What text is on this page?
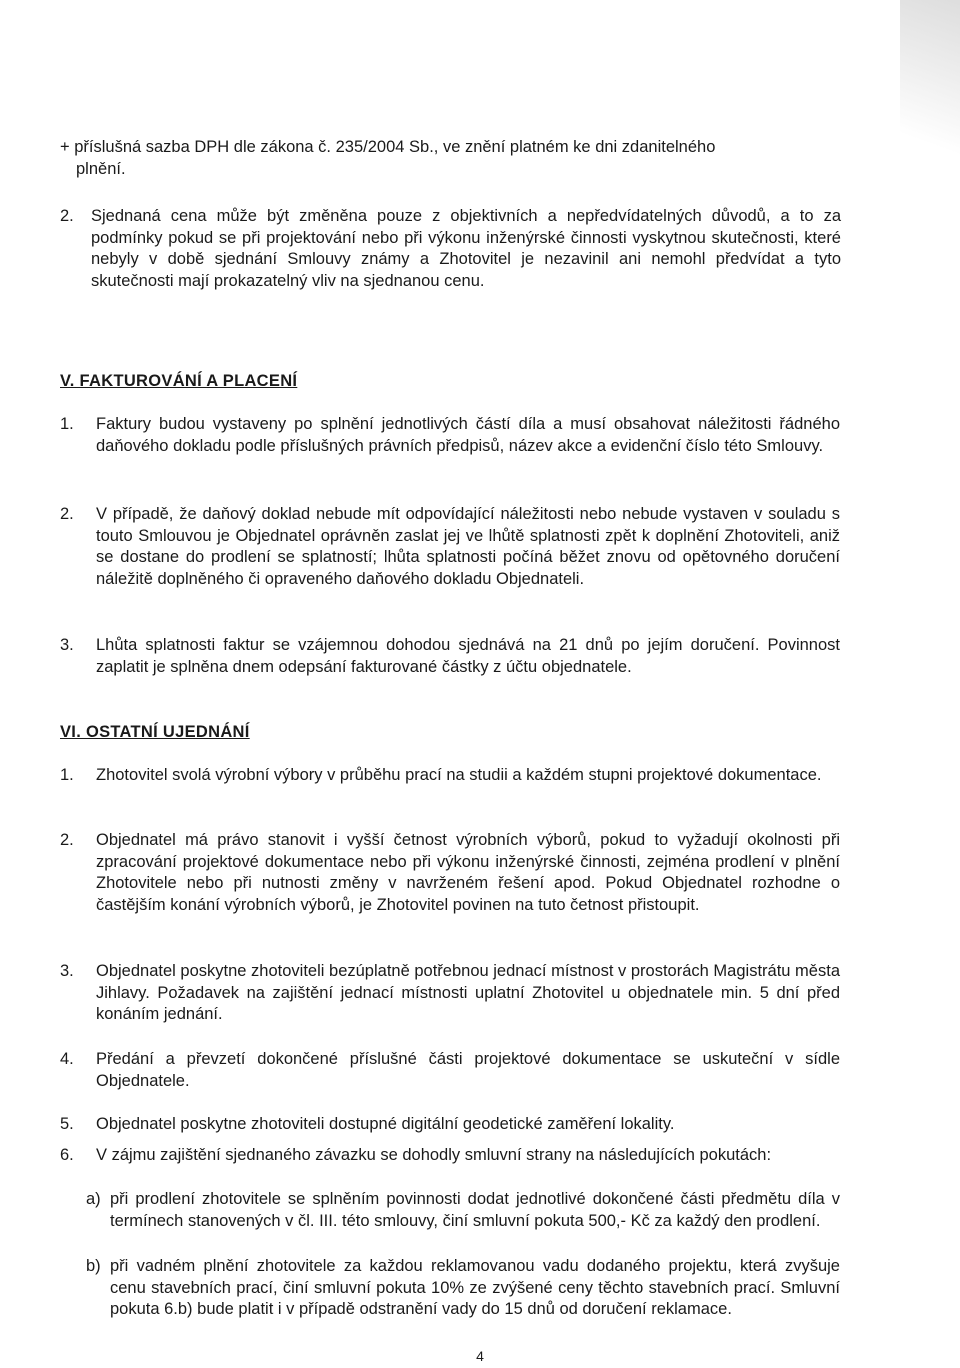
+ příslušná sazba DPH dle zákona č. 235/2004 Sb., ve znění platném ke dni zdanitelného
plnění.
2. Sjednaná cena může být změněna pouze z objektivních a nepředvídatelných důvodů, a to za podmínky pokud se při projektování nebo při výkonu inženýrské činnosti vyskytnou skutečnosti, které nebyly v době sjednání Smlouvy známy a Zhotovitel je nezavinil ani nemohl předvídat a tyto skutečnosti mají prokazatelný vliv na sjednanou cenu.
V. FAKTUROVÁNÍ A PLACENÍ
1. Faktury budou vystaveny po splnění jednotlivých částí díla a musí obsahovat náležitosti řádného daňového dokladu podle příslušných právních předpisů, název akce a evidenční číslo této Smlouvy.
2. V případě, že daňový doklad nebude mít odpovídající náležitosti nebo nebude vystaven v souladu s touto Smlouvou je Objednatel oprávněn zaslat jej ve lhůtě splatnosti zpět k doplnění Zhotoviteli, aniž se dostane do prodlení se splatností; lhůta splatnosti počíná běžet znovu od opětovného doručení náležitě doplněného či opraveného daňového dokladu Objednateli.
3. Lhůta splatnosti faktur se vzájemnou dohodou sjednává na 21 dnů po jejím doručení. Povinnost zaplatit je splněna dnem odepsání fakturované částky z účtu objednatele.
VI. OSTATNÍ UJEDNÁNÍ
1. Zhotovitel svolá výrobní výbory v průběhu prací na studii a každém stupni projektové dokumentace.
2. Objednatel má právo stanovit i vyšší četnost výrobních výborů, pokud to vyžadují okolnosti při zpracování projektové dokumentace nebo při výkonu inženýrské činnosti, zejména prodlení v plnění Zhotovitele nebo při nutnosti změny v navrženém řešení apod. Pokud Objednatel rozhodne o častějším konání výrobních výborů, je Zhotovitel povinen na tuto četnost přistoupit.
3. Objednatel poskytne zhotoviteli bezúplatně potřebnou jednací místnost v prostorách Magistrátu města Jihlavy. Požadavek na zajištění jednací místnosti uplatní Zhotovitel u objednatele min. 5 dní před konáním jednání.
4. Předání a převzetí dokončené příslušné části projektové dokumentace se uskuteční v sídle Objednatele.
5. Objednatel poskytne zhotoviteli dostupné digitální geodetické zaměření lokality.
6. V zájmu zajištění sjednaného závazku se dohodly smluvní strany na následujících pokutách:
a) při prodlení zhotovitele se splněním povinnosti dodat jednotlivé dokončené části předmětu díla v termínech stanovených v čl. III. této smlouvy, činí smluvní pokuta 500,- Kč za každý den prodlení.
b) při vadném plnění zhotovitele za každou reklamovanou vadu dodaného projektu, která zvyšuje cenu stavebních prací, činí smluvní pokuta 10% ze zvýšené ceny těchto stavebních prací. Smluvní pokuta 6.b) bude platit i v případě odstranění vady do 15 dnů od doručení reklamace.
4
